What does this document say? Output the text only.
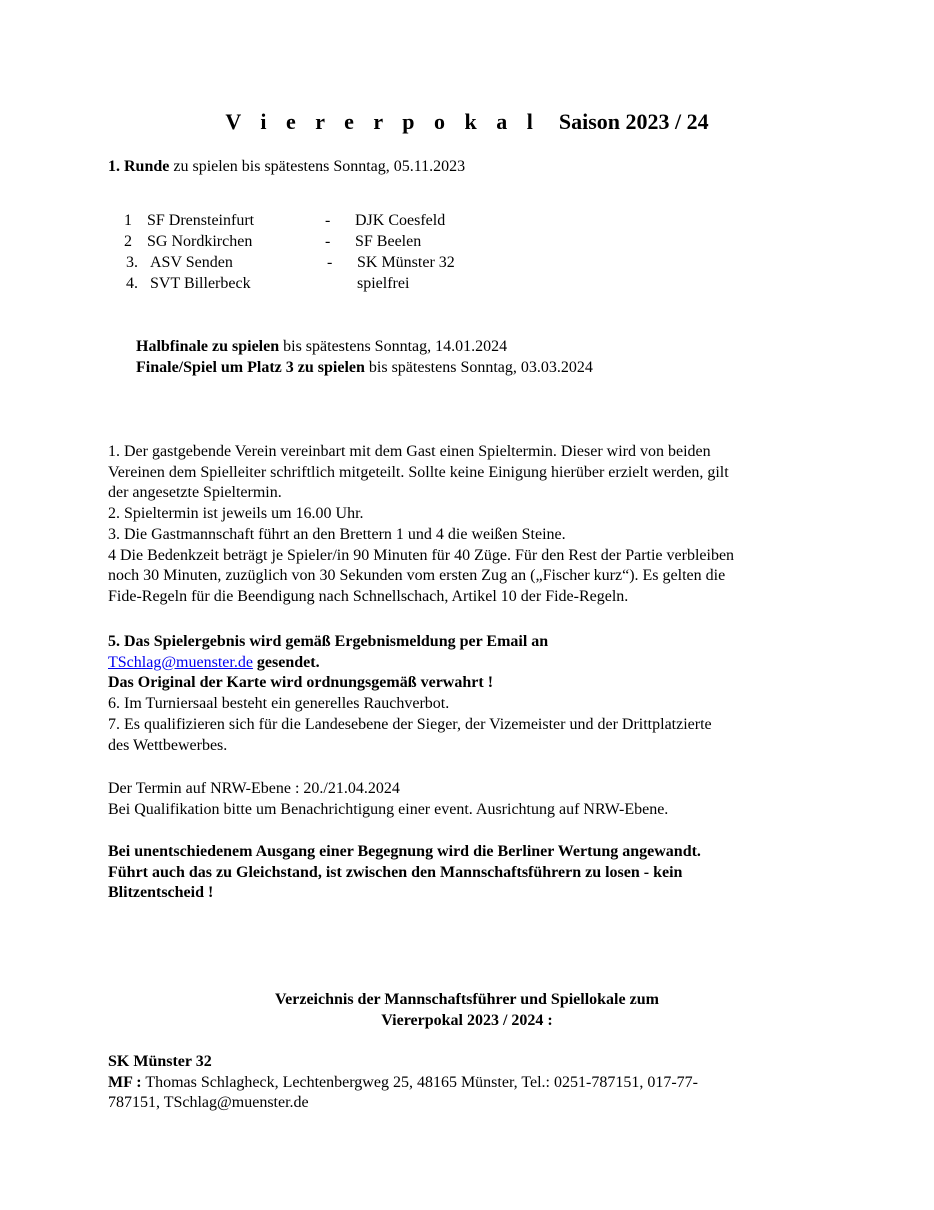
V i e r e r p o k a l Saison 2023 / 24
1. Runde zu spielen bis spätestens Sonntag, 05.11.2023
1 SF Drensteinfurt	- DJK Coesfeld
2 SG Nordkirchen	- SF Beelen
3. ASV Senden	- SK Münster 32
4. SVT Billerbeck	spielfrei
Halbfinale zu spielen bis spätestens Sonntag, 14.01.2024
Finale/Spiel um Platz 3 zu spielen bis spätestens Sonntag, 03.03.2024
1. Der gastgebende Verein vereinbart mit dem Gast einen Spieltermin. Dieser wird von beiden
Vereinen dem Spielleiter schriftlich mitgeteilt. Sollte keine Einigung hierüber erzielt werden, gilt
der angesetzte Spieltermin.
2. Spieltermin ist jeweils um 16.00 Uhr.
3. Die Gastmannschaft führt an den Brettern 1 und 4 die weißen Steine.
4 Die Bedenkzeit beträgt je Spieler/in 90 Minuten für 40 Züge. Für den Rest der Partie verbleiben
noch 30 Minuten, zuzüglich von 30 Sekunden vom ersten Zug an („Fischer kurz“). Es gelten die
Fide-Regeln für die Beendigung nach Schnellschach, Artikel 10 der Fide-Regeln.
5. Das Spielergebnis wird gemäß Ergebnismeldung per Email an
TSchlag@muenster.de gesendet.
Das Original der Karte wird ordnungsgemäß verwahrt !
6. Im Turniersaal besteht ein generelles Rauchverbot.
7. Es qualifizieren sich für die Landesebene der Sieger, der Vizemeister und der Drittplatzierte
des Wettbewerbes.
Der Termin auf NRW-Ebene : 20./21.04.2024
Bei Qualifikation bitte um Benachrichtigung einer event. Ausrichtung auf NRW-Ebene.
Bei unentschiedenem Ausgang einer Begegnung wird die Berliner Wertung angewandt.
Führt auch das zu Gleichstand, ist zwischen den Mannschaftsführern zu losen - kein
Blitzentscheid !
Verzeichnis der Mannschaftsführer und Spiellokale zum
Viererpokal 2023 / 2024 :
SK Münster 32
MF : Thomas Schlagheck, Lechtenbergweg 25, 48165 Münster, Tel.: 0251-787151, 017-77-
787151, TSchlag@muenster.de
